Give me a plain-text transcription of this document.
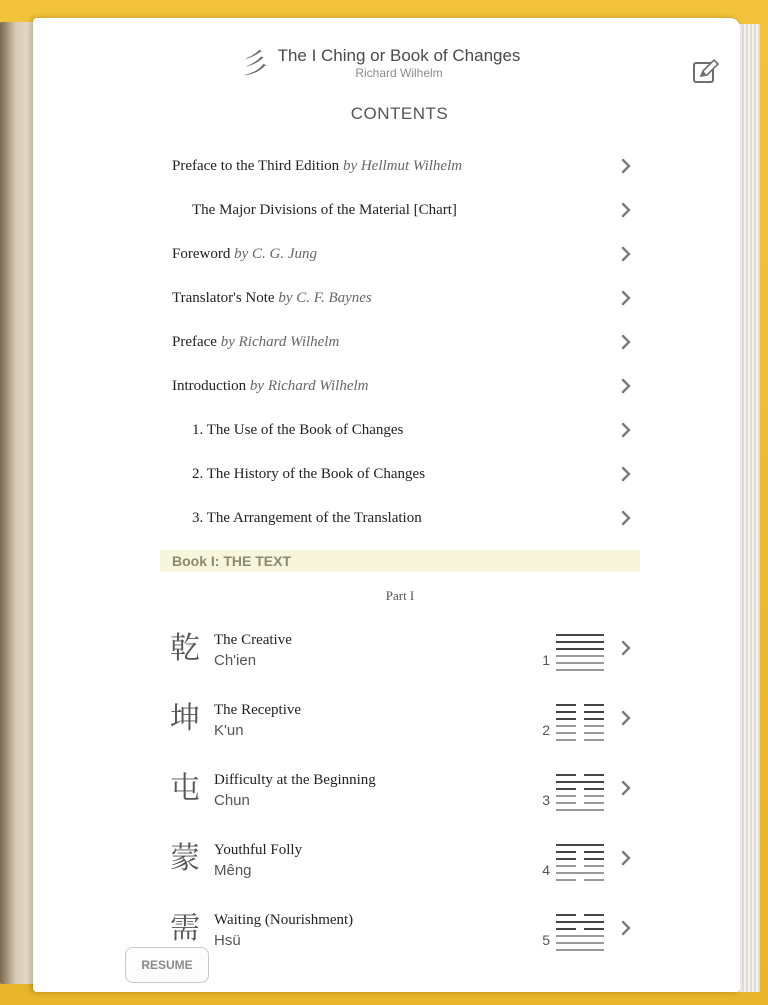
彡 The I Ching or Book of Changes
Richard Wilhelm
CONTENTS
Preface to the Third Edition by Hellmut Wilhelm
The Major Divisions of the Material [Chart]
Foreword by C. G. Jung
Translator's Note by C. F. Baynes
Preface by Richard Wilhelm
Introduction by Richard Wilhelm
1. The Use of the Book of Changes
2. The History of the Book of Changes
3. The Arrangement of the Translation
Book I: THE TEXT
Part I
乾 The Creative
Ch'ien	1
坤 The Receptive
K'un	2
屯 Difficulty at the Beginning
Chun	3
蒙 Youthful Folly
Mêng	4
需 Waiting (Nourishment)
Hsü	5
RESUME
